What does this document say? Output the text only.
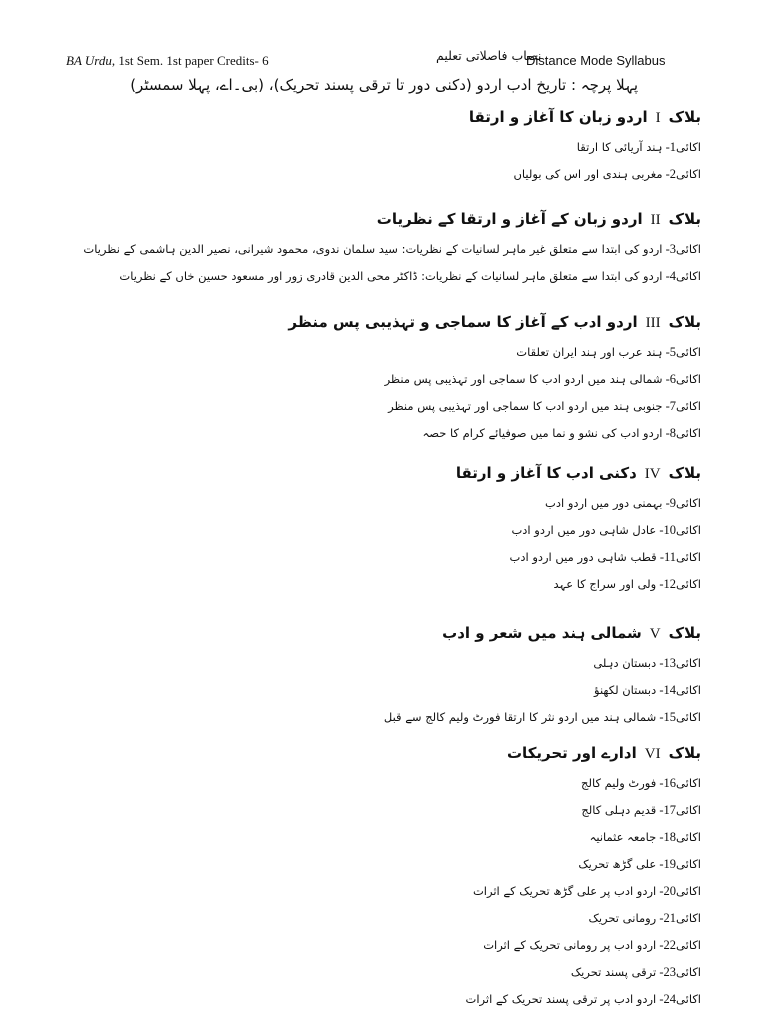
BA Urdu, 1st Sem. 1st paper Credits- 6	نصاب فاصلاتی تعلیم
Distance Mode Syllabus
پہلا پرچہ : تاریخ ادب اردو (دکنی دور تا ترقی پسند تحریک)، (بی۔اے، پہلا سمسٹر)
بلاکIاردو زبان کا آغاز و ارتقا
اکائی1- ہند آریائی کا ارتقا
اکائی2- مغربی ہندی اور اس کی بولیاں
بلاکIIاردو زبان کے آغاز و ارتقا کے نظریات
اکائی3- اردو کی ابتدا سے متعلق غیر ماہر لسانیات کے نظریات: سید سلمان ندوی، محمود شیرانی، نصیر الدین ہاشمی کے نظریات
اکائی4- اردو کی ابتدا سے متعلق ماہر لسانیات کے نظریات: ڈاکٹر محی الدین قادری زور اور مسعود حسین خاں کے نظریات
بلاکIIIاردو ادب کے آغاز کا سماجی و تہذیبی پس منظر
اکائی5- ہند عرب اور ہند ایران تعلقات
اکائی6- شمالی ہند میں اردو ادب کا سماجی اور تہذیبی پس منظر
اکائی7- جنوبی ہند میں اردو ادب کا سماجی اور تہذیبی پس منظر
اکائی8- اردو ادب کی نشو و نما میں صوفیائے کرام کا حصہ
بلاکIVدکنی ادب کا آغاز و ارتقا
اکائی9- بہمنی دور میں اردو ادب
اکائی10- عادل شاہی دور میں اردو ادب
اکائی11- قطب شاہی دور میں اردو ادب
اکائی12- ولی اور سراج کا عہد
بلاکVشمالی ہند میں شعر و ادب
اکائی13- دبستان دہلی
اکائی14- دبستان لکھنؤ
اکائی15- شمالی ہند میں اردو نثر کا ارتقا فورٹ ولیم کالج سے قبل
بلاکVIادارے اور تحریکات
اکائی16- فورٹ ولیم کالج
اکائی17- قدیم دہلی کالج
اکائی18- جامعہ عثمانیہ
اکائی19- علی گڑھ تحریک
اکائی20- اردو ادب پر علی گڑھ تحریک کے اثرات
اکائی21- رومانی تحریک
اکائی22- اردو ادب پر رومانی تحریک کے اثرات
اکائی23- ترقی پسند تحریک
اکائی24- اردو ادب پر ترقی پسند تحریک کے اثرات
